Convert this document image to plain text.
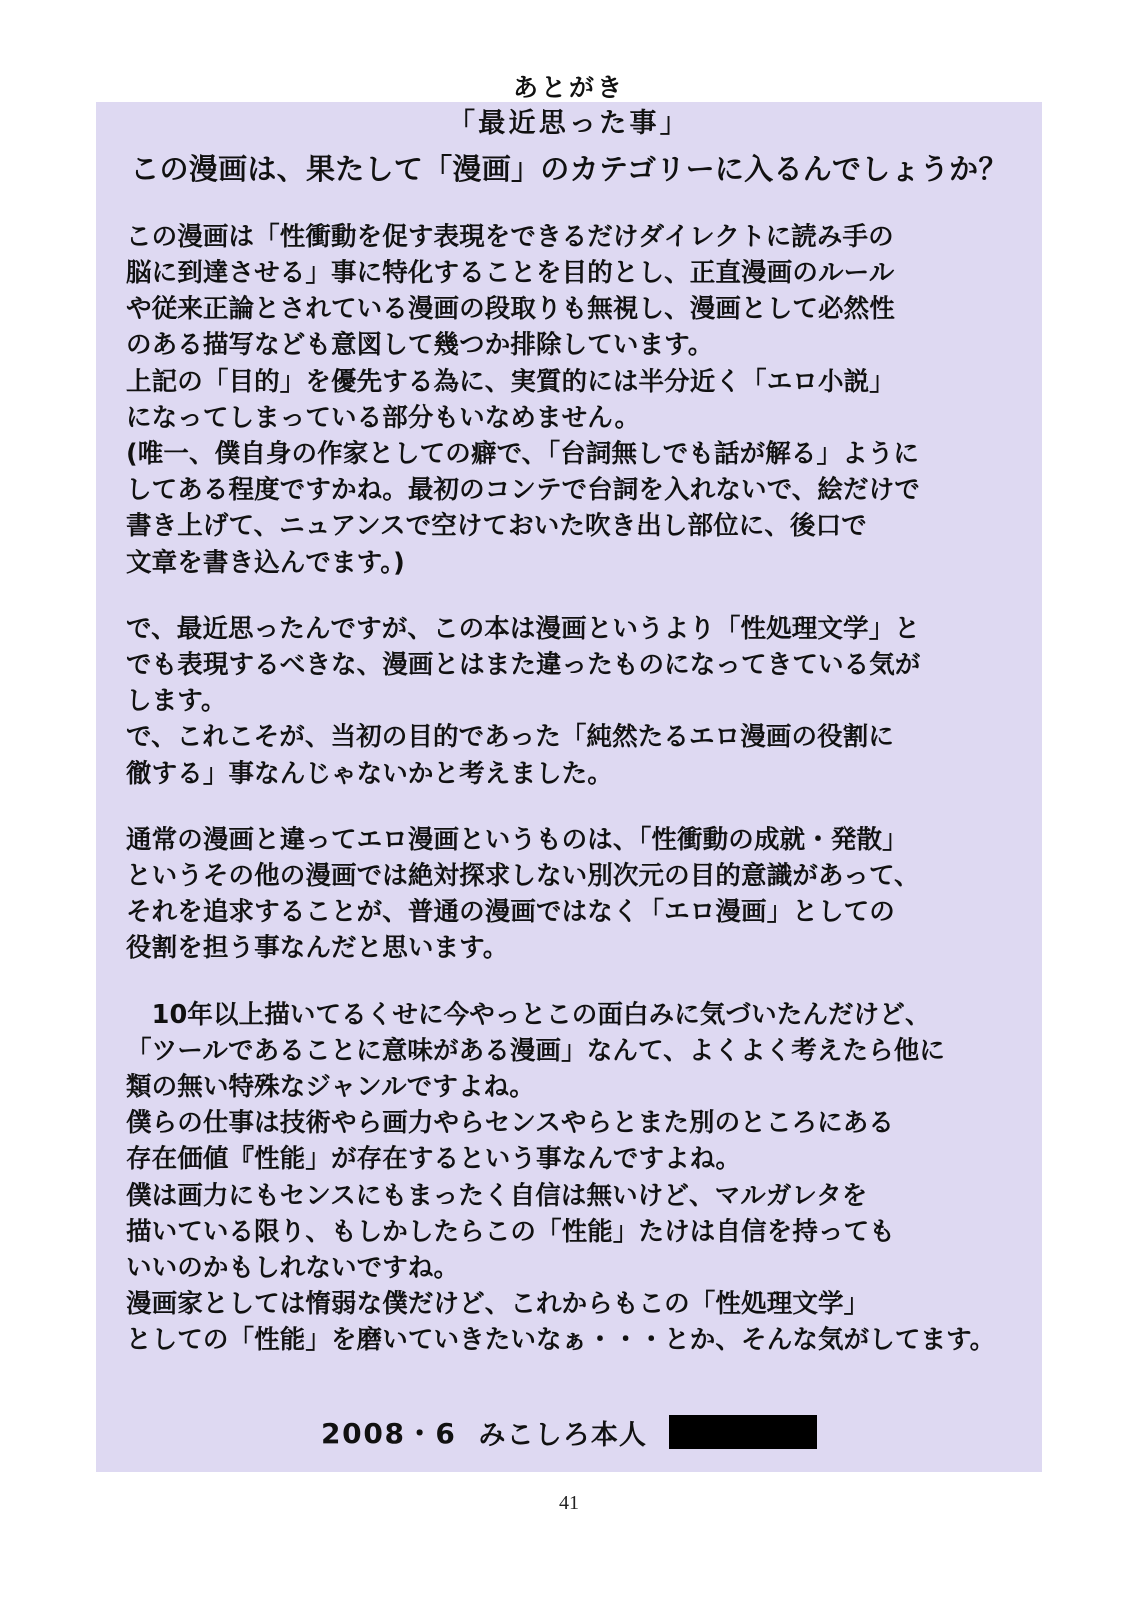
あとがき
「最近思った事」
この漫画は、果たして「漫画」のカテゴリーに入るんでしょうか？

この漫画は「性衝動を促す表現をできるだけダイレクトに読み手の

脳に到達させる」事に特化することを目的とし、正直漫画のルール

や従来正論とされている漫画の段取りも無視し、漫画として必然性

のある描写なども意図して幾つか排除しています。

上記の「目的」を優先する為に、実質的には半分近く「エロ小説」

になってしまっている部分もいなめません。

(唯一、僕自身の作家としての癖で、「台詞無しでも話が解る」ように

してある程度ですかね。最初のコンテで台詞を入れないで、絵だけで

書き上げて、ニュアンスで空けておいた吹き出し部位に、後口で

文章を書き込んでます。)

で、最近思ったんですが、この本は漫画というより「性処理文学」と

でも表現するべきな、漫画とはまた違ったものになってきている気が

します。

で、これこそが、当初の目的であった「純然たるエロ漫画の役割に

徹する」事なんじゃないかと考えました。

通常の漫画と違ってエロ漫画というものは、「性衝動の成就・発散」

というその他の漫画では絶対探求しない別次元の目的意識があって、

それを追求することが、普通の漫画ではなく「エロ漫画」としての

役割を担う事なんだと思います。

　10年以上描いてるくせに今やっとこの面白みに気づいたんだけど、

「ツールであることに意味がある漫画」なんて、よくよく考えたら他に

類の無い特殊なジャンルですよね。

僕らの仕事は技術やら画力やらセンスやらとまた別のところにある

存在価値『性能」が存在するという事なんですよね。

僕は画力にもセンスにもまったく自信は無いけど、マルガレタを

描いている限り、もしかしたらこの「性能」たけは自信を持っても

いいのかもしれないですね。

漫画家としては惰弱な僕だけど、これからもこの「性処理文学」

としての「性能」を磨いていきたいなぁ・・・とか、そんな気がしてます。

2008・6 みこしろ本人
41
